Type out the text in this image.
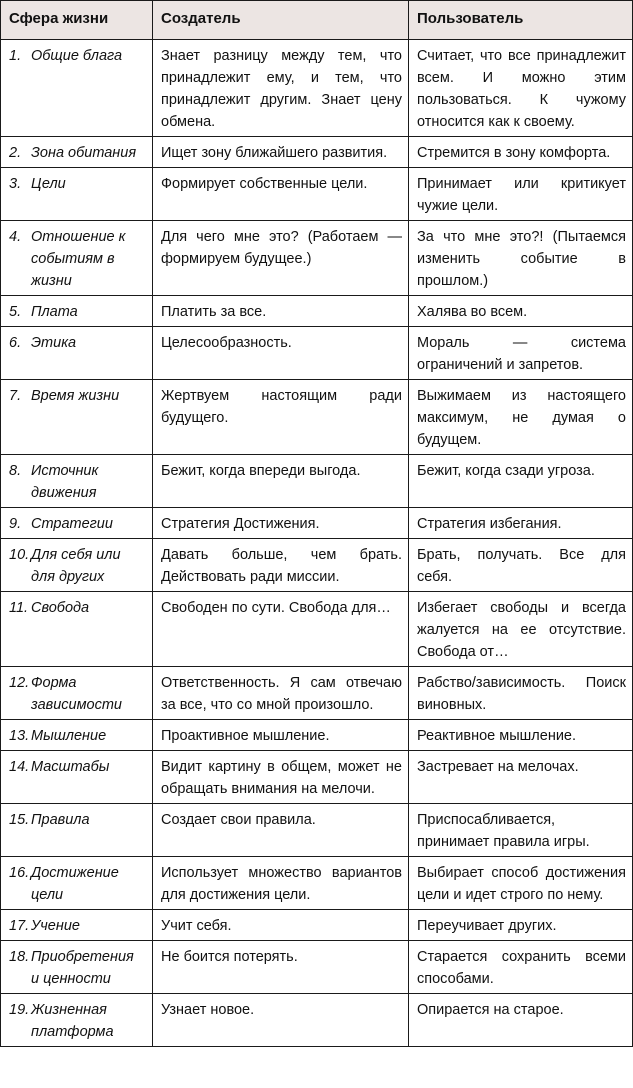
Сфера жизни	Создатель	Пользователь
1. Общие блага	Знает разницу между тем, что принадлежит ему, и тем, что принадлежит другим. Знает цену обмена.	Считает, что все принадлежит всем. И можно этим пользоваться. К чужому относится как к своему.
2. Зона обитания	Ищет зону ближайшего развития.	Стремится в зону комфорта.
3. Цели	Формирует собственные цели.	Принимает или критикует чужие цели.
4. Отношение к событиям в жизни	Для чего мне это? (Работаем — формируем будущее.)	За что мне это?! (Пытаемся изменить событие в прошлом.)
5. Плата	Платить за все.	Халява во всем.
6. Этика	Целесообразность.	Мораль — система ограничений и запретов.
7. Время жизни	Жертвуем настоящим ради будущего.	Выжимаем из настоящего максимум, не думая о будущем.
8. Источник движения	Бежит, когда впереди выгода.	Бежит, когда сзади угроза.
9. Стратегии	Стратегия Достижения.	Стратегия избегания.
10. Для себя или для других	Давать больше, чем брать. Действовать ради миссии.	Брать, получать. Все для себя.
11. Свобода	Свободен по сути. Свобода для…	Избегает свободы и всегда жалуется на ее отсутствие. Свобода от…
12. Форма зависимости	Ответственность. Я сам отвечаю за все, что со мной произошло.	Рабство/зависимость. Поиск виновных.
13. Мышление	Проактивное мышление.	Реактивное мышление.
14. Масштабы	Видит картину в общем, может не обращать внимания на мелочи.	Застревает на мелочах.
15. Правила	Создает свои правила.	Приспосабливается, принимает правила игры.
16. Достижение цели	Использует множество вариантов для достижения цели.	Выбирает способ достижения цели и идет строго по нему.
17. Учение	Учит себя.	Переучивает других.
18. Приобретения и ценности	Не боится потерять.	Старается сохранить всеми способами.
19. Жизненная платформа	Узнает новое.	Опирается на старое.
